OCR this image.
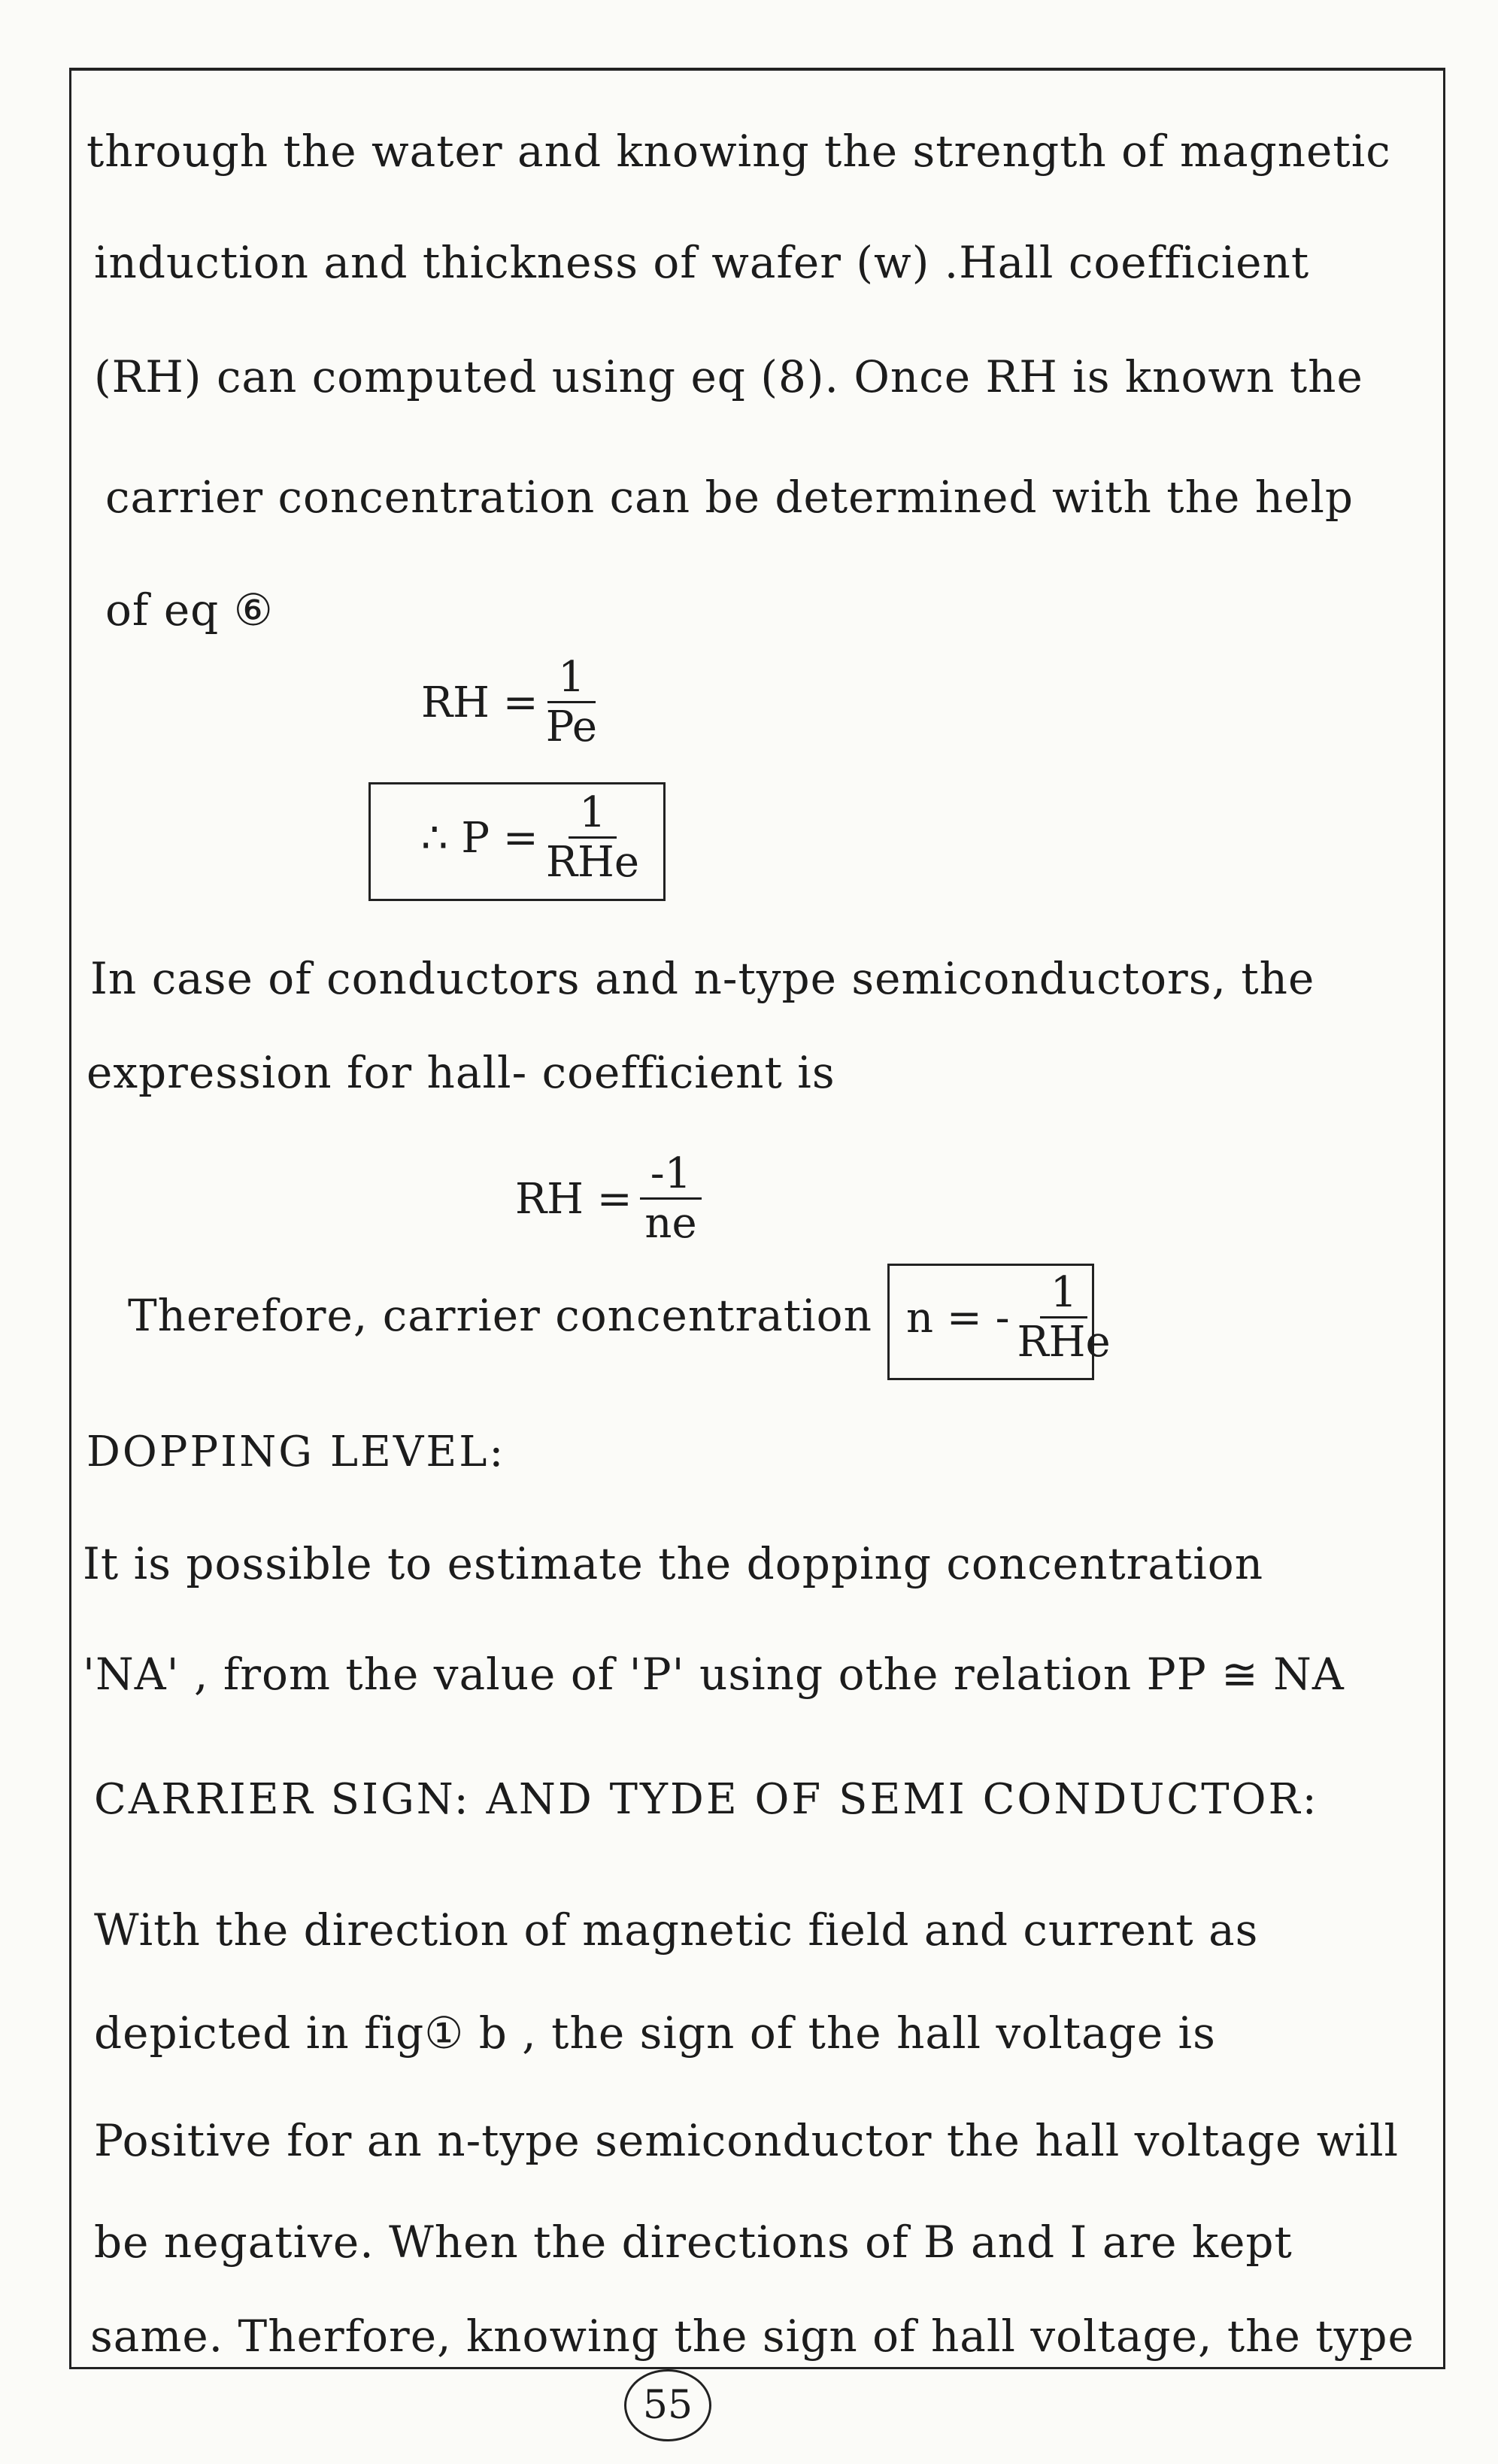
through the water and knowing the strength of magnetic
induction and thickness of wafer (w) .Hall coefficient
(RH) can computed using eq (8). Once RH is known the
carrier concentration can be determined with the help
of eq ⑥
RH = $\frac{1}{Pe}$
∴ $P = \frac{1}{\text{RHe}}$
In case of conductors and n-type semiconductors, the
expression for hall- coefficient is
RH = $\frac{-1}{ne}$
Therefore, carrier concentration n = - $\frac{1}{\text{RHe}}$
DOPPING LEVEL:
It is possible to estimate the dopping concentration
'NA' , from the value of 'P' using othe relation PP ≅ NA
CARRIER SIGN: AND TYDE OF SEMI CONDUCTOR:
With the direction of magnetic field and current as
depicted in fig① b , the sign of the hall voltage is
Positive for an n-type semiconductor the hall voltage will
be negative. When the directions of B and I are kept
same. Therfore, knowing the sign of hall voltage, the type
55
